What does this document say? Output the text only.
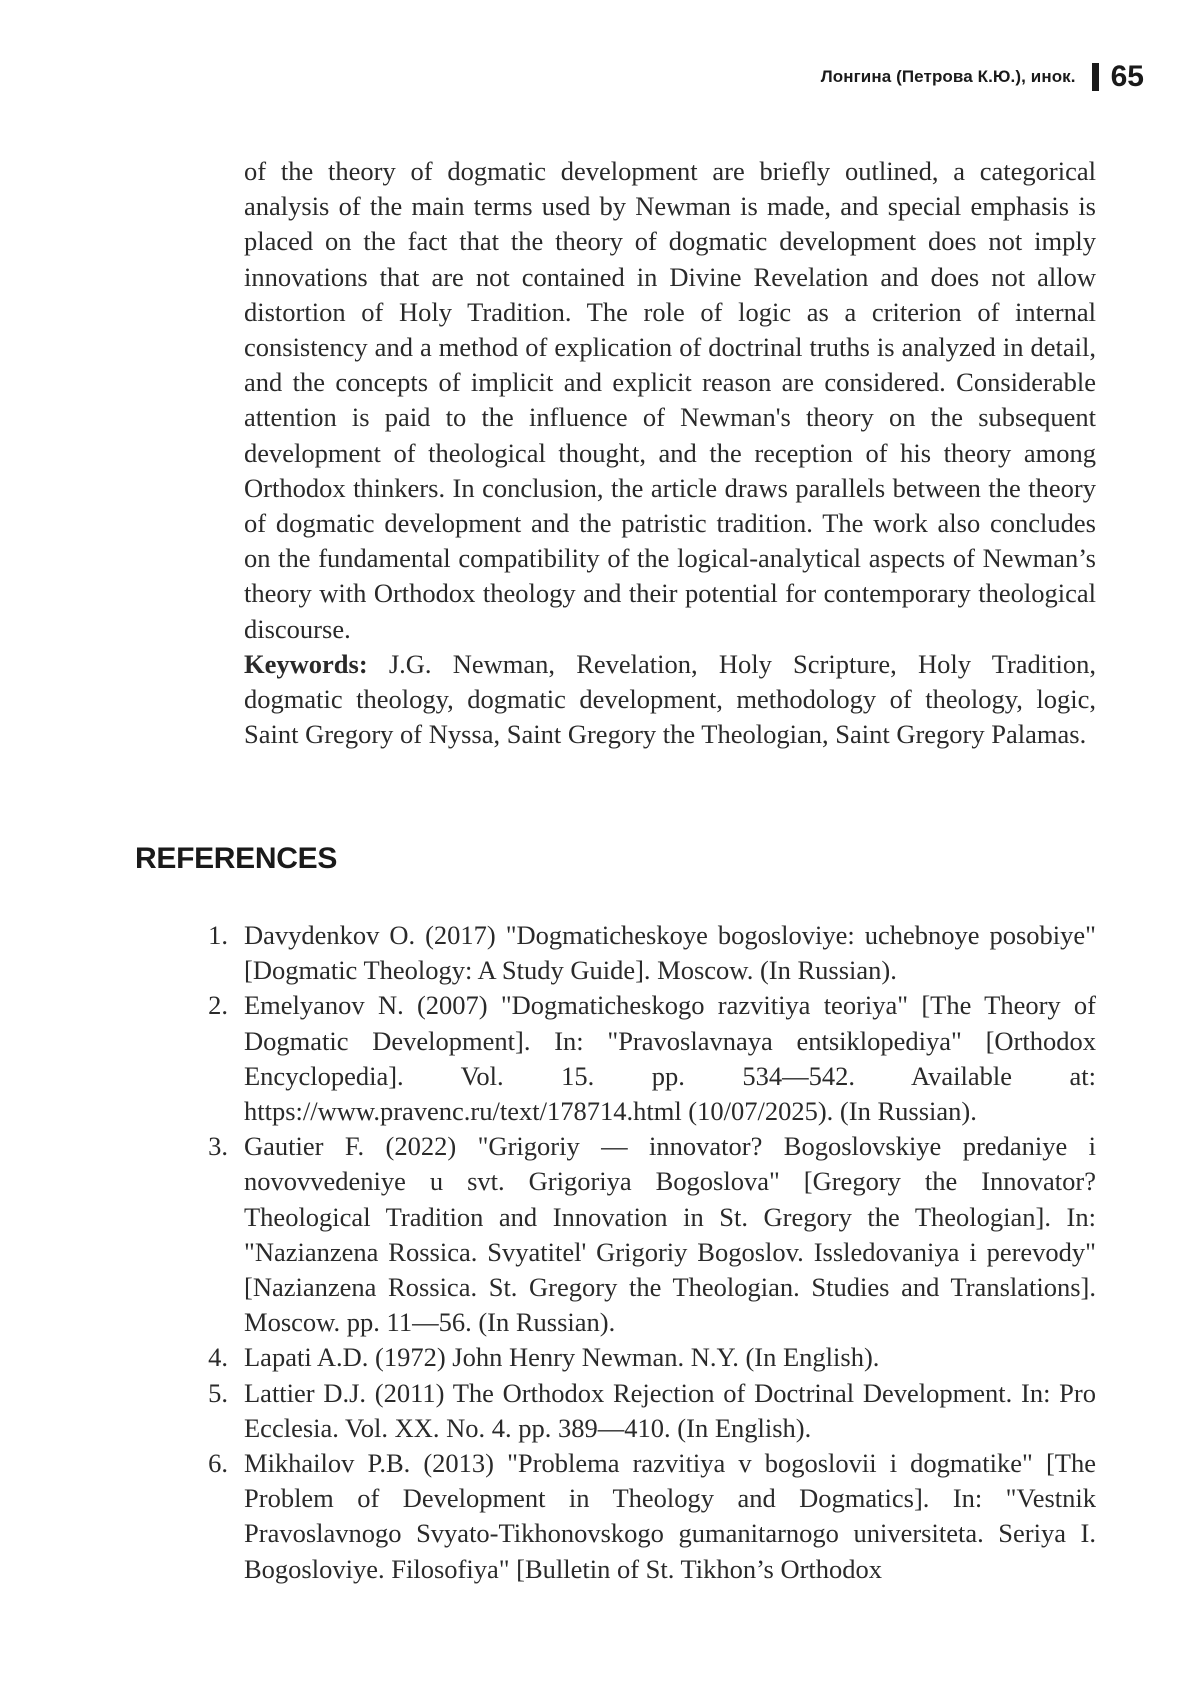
Лонгина (Петрова К.Ю.), инок. 65

of the theory of dogmatic development are briefly outlined, a categorical analysis of the main terms used by Newman is made, and special emphasis is placed on the fact that the theory of dogmatic development does not imply innovations that are not contained in Divine Revelation and does not allow distortion of Holy Tradition. The role of logic as a criterion of internal consistency and a method of explication of doctrinal truths is analyzed in detail, and the concepts of implicit and explicit reason are considered. Considerable attention is paid to the influence of Newman's theory on the subsequent development of theological thought, and the reception of his theory among Orthodox thinkers. In conclusion, the article draws parallels between the theory of dogmatic development and the patristic tradition. The work also concludes on the fundamental compatibility of the logical-analytical aspects of Newman’s theory with Orthodox theology and their potential for contemporary theological discourse.

Keywords: J.G. Newman, Revelation, Holy Scripture, Holy Tradition, dogmatic theology, dogmatic development, methodology of theology, logic, Saint Gregory of Nyssa, Saint Gregory the Theologian, Saint Gregory Palamas.

REFERENCES
1. Davydenkov O. (2017) "Dogmaticheskoye bogosloviye: uchebnoye posobiye" [Dogmatic Theology: A Study Guide]. Moscow. (In Russian).
2. Emelyanov N. (2007) "Dogmaticheskogo razvitiya teoriya" [The Theory of Dogmatic Development]. In: "Pravoslavnaya entsiklopediya" [Orthodox Encyclopedia]. Vol. 15. pp. 534—542. Available at: https://www.pravenc.ru/text/178714.html (10/07/2025). (In Russian).
3. Gautier F. (2022) "Grigoriy — innovator? Bogoslovskiye predaniye i novovvedeniye u svt. Grigoriya Bogoslova" [Gregory the Innovator? Theological Tradition and Innovation in St. Gregory the Theologian]. In: "Nazianzena Rossica. Svyatitel' Grigoriy Bogoslov. Issledovaniya i perevody" [Nazianzena Rossica. St. Gregory the Theologian. Studies and Translations]. Moscow. pp. 11—56. (In Russian).
4. Lapati A.D. (1972) John Henry Newman. N.Y. (In English).
5. Lattier D.J. (2011) The Orthodox Rejection of Doctrinal Development. In: Pro Ecclesia. Vol. XX. No. 4. pp. 389—410. (In English).
6. Mikhailov P.B. (2013) "Problema razvitiya v bogoslovii i dogmatike" [The Problem of Development in Theology and Dogmatics]. In: "Vestnik Pravoslavnogo Svyato-Tikhonovskogo gumanitarnogo universiteta. Seriya I. Bogosloviye. Filosofiya" [Bulletin of St. Tikhon’s Orthodox
